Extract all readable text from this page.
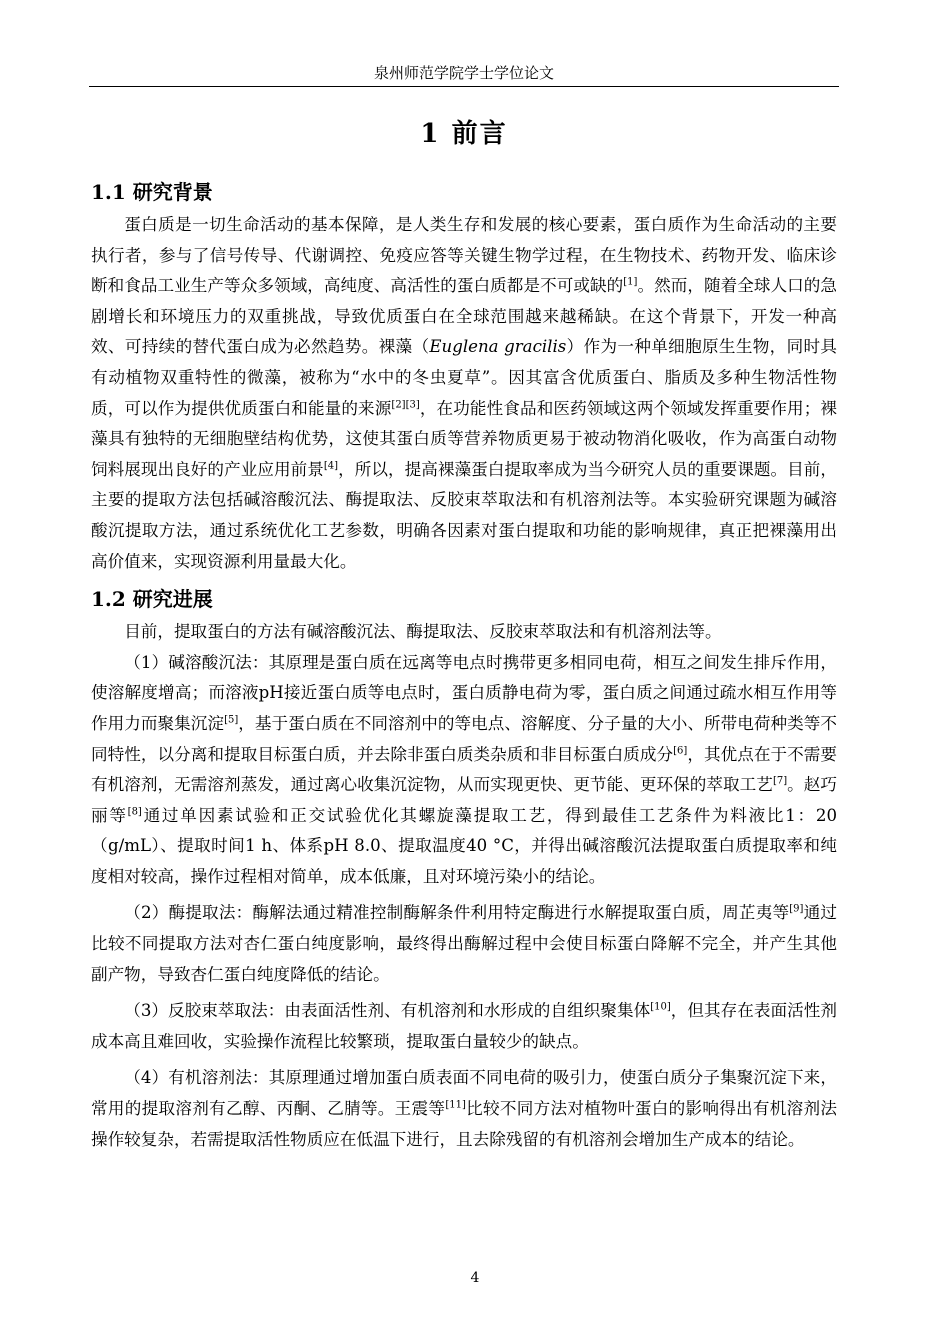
泉州师范学院学士学位论文
1 前言
1.1 研究背景

蛋白质是一切生命活动的基本保障，是人类生存和发展的核心要素，蛋白质作为生命活动的主要执行者，参与了信号传导、代谢调控、免疫应答等关键生物学过程，在生物技术、药物开发、临床诊断和食品工业生产等众多领域，高纯度、高活性的蛋白质都是不可或缺的[1]。然而，随着全球人口的急剧增长和环境压力的双重挑战，导致优质蛋白在全球范围越来越稀缺。在这个背景下，开发一种高效、可持续的替代蛋白成为必然趋势。裸藻（Euglena gracilis）作为一种单细胞原生生物，同时具有动植物双重特性的微藻，被称为“水中的冬虫夏草”。因其富含优质蛋白、脂质及多种生物活性物质，可以作为提供优质蛋白和能量的来源[2][3]，在功能性食品和医药领域这两个领域发挥重要作用；裸藻具有独特的无细胞壁结构优势，这使其蛋白质等营养物质更易于被动物消化吸收，作为高蛋白动物饲料展现出良好的产业应用前景[4]，所以，提高裸藻蛋白提取率成为当今研究人员的重要课题。目前，主要的提取方法包括碱溶酸沉法、酶提取法、反胶束萃取法和有机溶剂法等。本实验研究课题为碱溶酸沉提取方法，通过系统优化工艺参数，明确各因素对蛋白提取和功能的影响规律，真正把裸藻用出高价值来，实现资源利用量最大化。

1.2 研究进展

目前，提取蛋白的方法有碱溶酸沉法、酶提取法、反胶束萃取法和有机溶剂法等。

（1）碱溶酸沉法：其原理是蛋白质在远离等电点时携带更多相同电荷，相互之间发生排斥作用，使溶解度增高；而溶液pH接近蛋白质等电点时，蛋白质静电荷为零，蛋白质之间通过疏水相互作用等作用力而聚集沉淀[5]，基于蛋白质在不同溶剂中的等电点、溶解度、分子量的大小、所带电荷种类等不同特性，以分离和提取目标蛋白质，并去除非蛋白质类杂质和非目标蛋白质成分[6]，其优点在于不需要有机溶剂，无需溶剂蒸发，通过离心收集沉淀物，从而实现更快、更节能、更环保的萃取工艺[7]。赵巧丽等[8]通过单因素试验和正交试验优化其螺旋藻提取工艺，得到最佳工艺条件为料液比1：20（g/mL）、提取时间1 h、体系pH 8.0、提取温度40 °C，并得出碱溶酸沉法提取蛋白质提取率和纯度相对较高，操作过程相对简单，成本低廉，且对环境污染小的结论。

（2）酶提取法：酶解法通过精准控制酶解条件利用特定酶进行水解提取蛋白质，周芷夷等[9]通过比较不同提取方法对杏仁蛋白纯度影响，最终得出酶解过程中会使目标蛋白降解不完全，并产生其他副产物，导致杏仁蛋白纯度降低的结论。

（3）反胶束萃取法：由表面活性剂、有机溶剂和水形成的自组织聚集体[10]，但其存在表面活性剂成本高且难回收，实验操作流程比较繁琐，提取蛋白量较少的缺点。

（4）有机溶剂法：其原理通过增加蛋白质表面不同电荷的吸引力，使蛋白质分子集聚沉淀下来，常用的提取溶剂有乙醇、丙酮、乙腈等。王震等[11]比较不同方法对植物叶蛋白的影响得出有机溶剂法操作较复杂，若需提取活性物质应在低温下进行，且去除残留的有机溶剂会增加生产成本的结论。

4
